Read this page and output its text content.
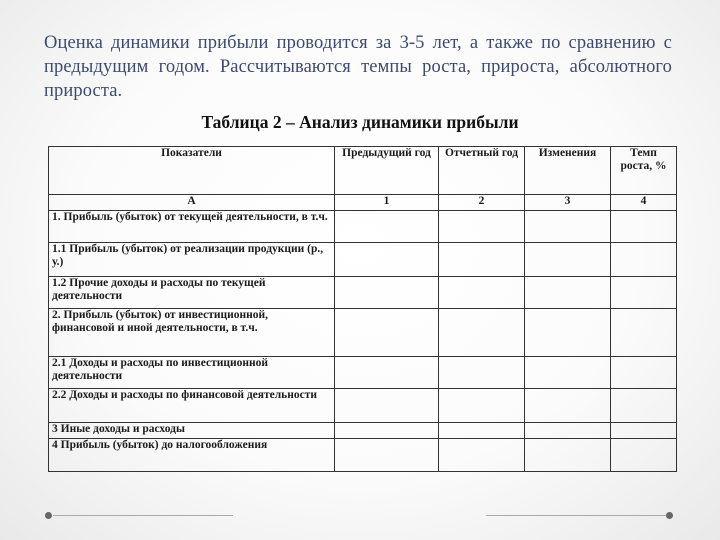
Оценка динамики прибыли проводится за 3-5 лет, а также по сравнению с предыдущим годом. Рассчитываются темпы роста, прироста, абсолютного прироста.
Таблица 2 – Анализ динамики прибыли
Показатели	Предыдущий год	Отчетный год	Изменения	Темп роста, %
А	1	2	3	4
1. Прибыль (убыток) от текущей деятельности, в т.ч.				
1.1 Прибыль (убыток) от реализации продукции (р., у.)				
1.2 Прочие доходы и расходы по текущей деятельности				
2. Прибыль (убыток) от инвестиционной, финансовой и иной деятельности, в т.ч.				
2.1 Доходы и расходы по инвестиционной деятельности				
2.2 Доходы и расходы по финансовой деятельности				
3 Иные доходы и расходы				
4 Прибыль (убыток) до налогообложения				
